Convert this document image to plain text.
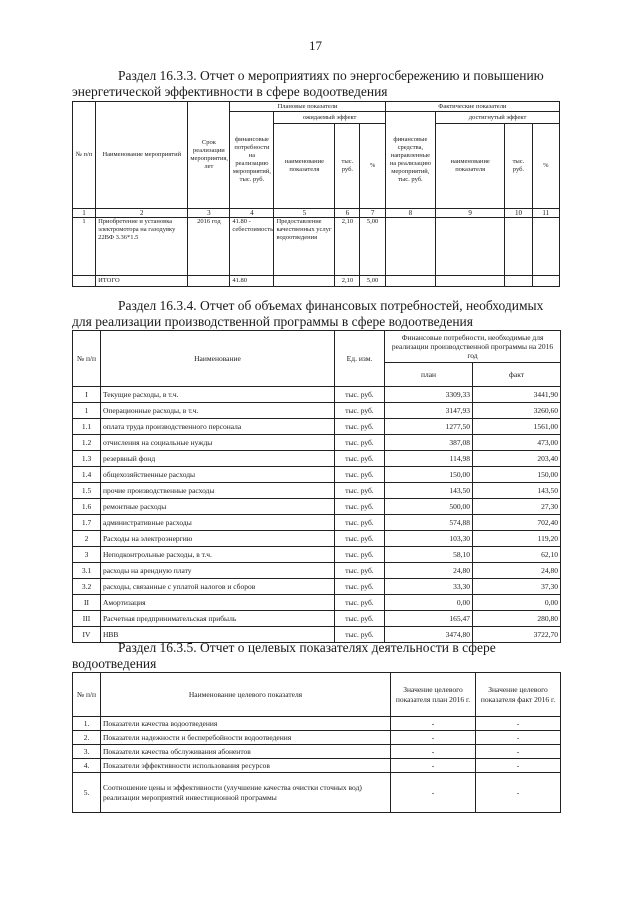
17
Раздел 16.3.3. Отчет о мероприятиях по энергосбережению и повышению
энергетической эффективности в сфере водоотведения
№ п/п	Наименование мероприятий	Срок реализации мероприятия, лет	Плановые показатели				Фактические показатели			
			финансовые потребности на реализацию мероприятий, тыс. руб.	ожидаемый эффект			финансовые средства, направленные на реализацию мероприятий, тыс. руб.	достигнутый эффект		
				наименование показателя	тыс. руб.	%		наименование показателя	тыс. руб.	%
1	2	3	4	5	6	7	8	9	10	11
1	Приобретение и установка электромотора на газодувку 22ВФ 3.36*1.5	2016 год	41.80 - себестоимость	Предоставление качественных услуг водоотведения	2,10	5,00				
	ИТОГО		41.80		2,10	5,00				
Раздел 16.3.4. Отчет об объемах финансовых потребностей, необходимых
для реализации производственной программы в сфере водоотведения
№ п/п	Наименование	Ед. изм.	Финансовые потребности, необходимые для реализации производственной программы на 2016 год	
			план	факт
I	Текущие расходы, в т.ч.	тыс. руб.	3309,33	3441,90
1	Операционные расходы, в т.ч.	тыс. руб.	3147,93	3260,60
1.1	оплата труда производственного персонала	тыс. руб.	1277,50	1561,00
1.2	отчисления на социальные нужды	тыс. руб.	387,08	473,00
1.3	резервный фонд	тыс. руб.	114,98	203,40
1.4	общехозяйственные расходы	тыс. руб.	150,00	150,00
1.5	прочие производственные расходы	тыс. руб.	143,50	143,50
1.6	ремонтные расходы	тыс. руб.	500,00	27,30
1.7	административные расходы	тыс. руб.	574,88	702,40
2	Расходы на электроэнергию	тыс. руб.	103,30	119,20
3	Неподконтрольные расходы, в т.ч.	тыс. руб.	58,10	62,10
3.1	расходы на арендную плату	тыс. руб.	24,80	24,80
3.2	расходы, связанные с уплатой налогов и сборов	тыс. руб.	33,30	37,30
II	Амортизация	тыс. руб.	0,00	0,00
III	Расчетная предпринимательская прибыль	тыс. руб.	165,47	280,80
IV	НВВ	тыс. руб.	3474,80	3722,70
Раздел 16.3.5. Отчет о целевых показателях деятельности в сфере
водоотведения
№ п/п	Наименование целевого показателя	Значение целевого показателя план 2016 г.	Значение целевого показателя факт 2016 г.
1.	Показатели качества водоотведения	-	-
2.	Показатели надежности и бесперебойности водоотведения	-	-
3.	Показатели качества обслуживания абонентов	-	-
4.	Показатели эффективности использования ресурсов	-	-
5.	Соотношение цены и эффективности (улучшение качества очистки сточных вод) реализации мероприятий инвестиционной программы	-	-
